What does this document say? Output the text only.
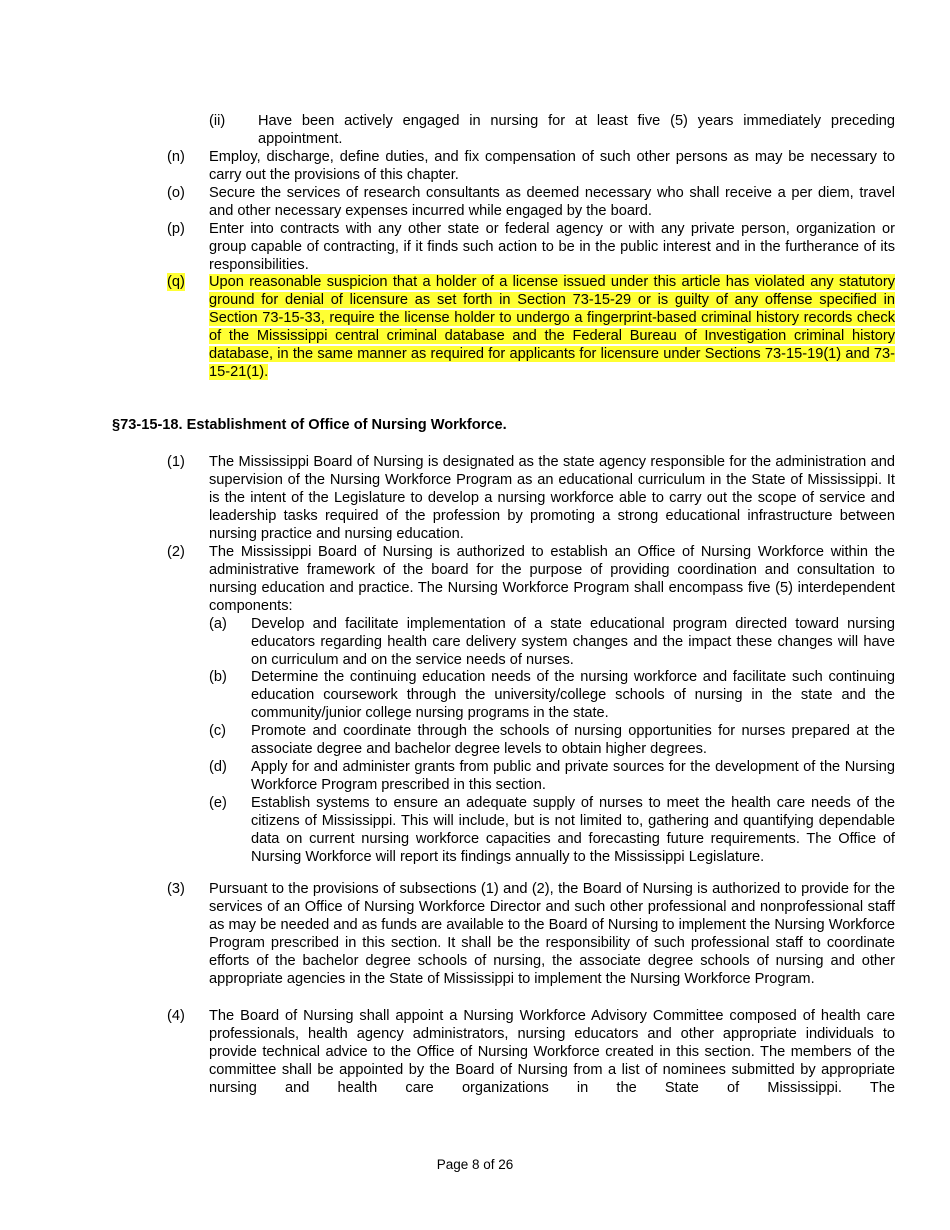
(ii) Have been actively engaged in nursing for at least five (5) years immediately preceding appointment.
(n) Employ, discharge, define duties, and fix compensation of such other persons as may be necessary to carry out the provisions of this chapter.
(o) Secure the services of research consultants as deemed necessary who shall receive a per diem, travel and other necessary expenses incurred while engaged by the board.
(p) Enter into contracts with any other state or federal agency or with any private person, organization or group capable of contracting, if it finds such action to be in the public interest and in the furtherance of its responsibilities.
(q) Upon reasonable suspicion that a holder of a license issued under this article has violated any statutory ground for denial of licensure as set forth in Section 73-15-29 or is guilty of any offense specified in Section 73-15-33, require the license holder to undergo a fingerprint-based criminal history records check of the Mississippi central criminal database and the Federal Bureau of Investigation criminal history database, in the same manner as required for applicants for licensure under Sections 73-15-19(1) and 73-15-21(1).
§73-15-18. Establishment of Office of Nursing Workforce.
(1) The Mississippi Board of Nursing is designated as the state agency responsible for the administration and supervision of the Nursing Workforce Program as an educational curriculum in the State of Mississippi. It is the intent of the Legislature to develop a nursing workforce able to carry out the scope of service and leadership tasks required of the profession by promoting a strong educational infrastructure between nursing practice and nursing education.
(2) The Mississippi Board of Nursing is authorized to establish an Office of Nursing Workforce within the administrative framework of the board for the purpose of providing coordination and consultation to nursing education and practice. The Nursing Workforce Program shall encompass five (5) interdependent components:
(a) Develop and facilitate implementation of a state educational program directed toward nursing educators regarding health care delivery system changes and the impact these changes will have on curriculum and on the service needs of nurses.
(b) Determine the continuing education needs of the nursing workforce and facilitate such continuing education coursework through the university/college schools of nursing in the state and the community/junior college nursing programs in the state.
(c) Promote and coordinate through the schools of nursing opportunities for nurses prepared at the associate degree and bachelor degree levels to obtain higher degrees.
(d) Apply for and administer grants from public and private sources for the development of the Nursing Workforce Program prescribed in this section.
(e) Establish systems to ensure an adequate supply of nurses to meet the health care needs of the citizens of Mississippi. This will include, but is not limited to, gathering and quantifying dependable data on current nursing workforce capacities and forecasting future requirements. The Office of Nursing Workforce will report its findings annually to the Mississippi Legislature.
(3) Pursuant to the provisions of subsections (1) and (2), the Board of Nursing is authorized to provide for the services of an Office of Nursing Workforce Director and such other professional and nonprofessional staff as may be needed and as funds are available to the Board of Nursing to implement the Nursing Workforce Program prescribed in this section. It shall be the responsibility of such professional staff to coordinate efforts of the bachelor degree schools of nursing, the associate degree schools of nursing and other appropriate agencies in the State of Mississippi to implement the Nursing Workforce Program.
(4) The Board of Nursing shall appoint a Nursing Workforce Advisory Committee composed of health care professionals, health agency administrators, nursing educators and other appropriate individuals to provide technical advice to the Office of Nursing Workforce created in this section. The members of the committee shall be appointed by the Board of Nursing from a list of nominees submitted by appropriate nursing and health care organizations in the State of Mississippi. The
Page 8 of 26
